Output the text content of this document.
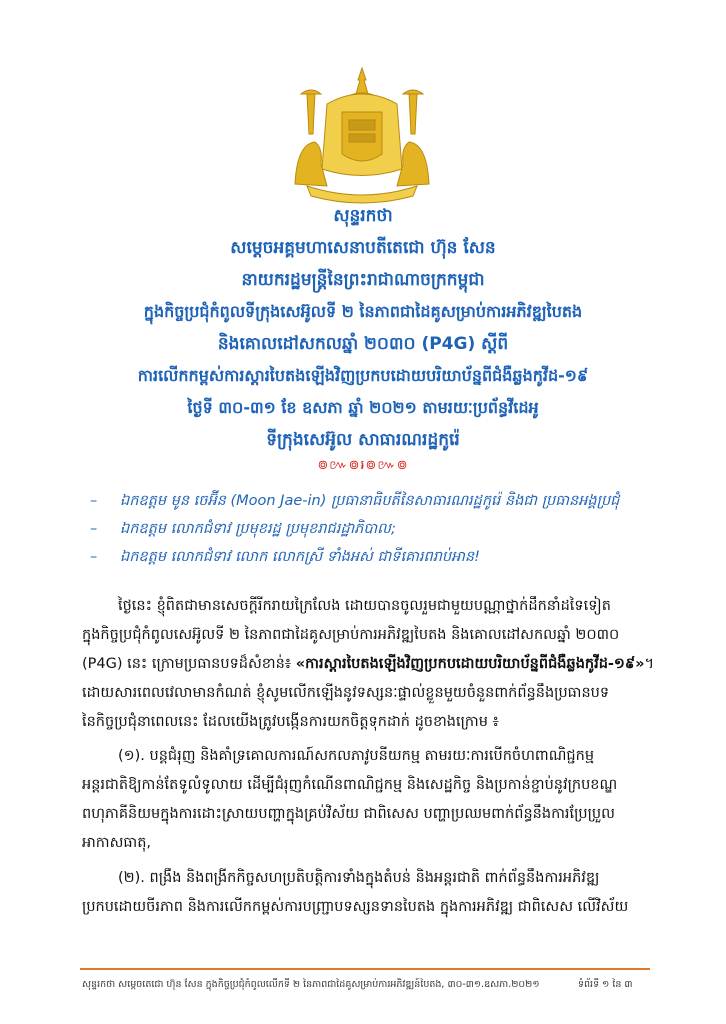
សុន្ទរកថា
សម្តេចអគ្គមហាសេនាបតីតេជោ ហ៊ុន សែន
នាយករដ្ឋមន្ត្រីនៃព្រះរាជាណាចក្រកម្ពុជា
ក្នុងកិច្ចប្រជុំកំពូលទីក្រុងសេអ៊ូលទី ២ នៃភាពជាដៃគូសម្រាប់ការអភិវឌ្ឍបៃតង
និងគោលដៅសកលឆ្នាំ ២០៣០ (P4G) ស្តីពី
ការលើកកម្ពស់ការស្តារបៃតងឡើងវិញប្រកបដោយបរិយាប័ន្នពីជំងឺឆ្លងកូវីដ-១៩
ថ្ងៃទី ៣០-៣១ ខែ ឧសភា ឆ្នាំ ២០២១ តាមរយៈប្រព័ន្ធវីដេអូ
ទីក្រុងសេអ៊ូល សាធារណរដ្ឋកូរ៉េ
៙៚៙៛៙៚៙
–	ឯកឧត្តម មូន ចេអ៊ីន (Moon Jae-in) ប្រធានាធិបតីនៃសាធារណរដ្ឋកូរ៉េ និងជា ប្រធានអង្គប្រជុំ
–	ឯកឧត្តម លោកជំទាវ ប្រមុខរដ្ឋ ប្រមុខរាជរដ្ឋាភិបាល;
–	ឯកឧត្តម លោកជំទាវ លោក លោកស្រី ទាំងអស់ ជាទីគោរពរាប់អាន!
ថ្ងៃនេះ ខ្ញុំពិតជាមានសេចក្តីរីករាយក្រៃលែង ដោយបានចូលរួមជាមួយបណ្ណាថ្នាក់ដឹកនាំដទៃទៀត
ក្នុងកិច្ចប្រជុំកំពូលសេអ៊ូលទី ២ នៃភាពជាដៃគូសម្រាប់ការអភិវឌ្ឍបៃតង និងគោលដៅសកលឆ្នាំ ២០៣០
(P4G) នេះ ក្រោមប្រធានបទដ៏សំខាន់៖ «ការស្តារបៃតងឡើងវិញប្រកបដោយបរិយាប័ន្នពីជំងឺឆ្លងកូវីដ-១៩»។
ដោយសារពេលវេលាមានកំណត់ ខ្ញុំសូមលើកឡើងនូវទស្សនៈផ្ទាល់ខ្លួនមួយចំនួនពាក់ព័ន្ធនឹងប្រធានបទ
នៃកិច្ចប្រជុំនាពេលនេះ ដែលយើងត្រូវបង្កើនការយកចិត្តទុកដាក់ ដូចខាងក្រោម ៖
(១). បន្តជំរុញ និងគាំទ្រគោលការណ៍សកលភាវូបនីយកម្ម តាមរយៈការបើកចំហពាណិជ្ជកម្ម
អន្តរជាតិឱ្យកាន់តែទូលំទូលាយ ដើម្បីជំរុញកំណើនពាណិជ្ជកម្ម និងសេដ្ឋកិច្ច និងប្រកាន់ខ្ជាប់នូវក្របខណ្ឌ
ពហុភាគីនិយមក្នុងការដោះស្រាយបញ្ហាក្នុងគ្រប់វិស័យ ជាពិសេស បញ្ហាប្រឈមពាក់ព័ន្ធនឹងការប្រែប្រួល
អាកាសធាតុ,
(២). ពង្រឹង និងពង្រីកកិច្ចសហប្រតិបត្តិការទាំងក្នុងតំបន់ និងអន្តរជាតិ ពាក់ព័ន្ធនឹងការអភិវឌ្ឍ
ប្រកបដោយចីរភាព និងការលើកកម្ពស់ការបញ្ជ្រាបទស្សនទានបៃតង ក្នុងការអភិវឌ្ឍ ជាពិសេស លើវិស័យ
សុន្ទរកថា សម្តេចតេជោ ហ៊ុន សែន ក្នុងកិច្ចប្រជុំកំពូលលើកទី ២ នៃភាពជាដៃគូសម្រាប់ការអភិវឌ្ឍន៍បៃតង, ៣០-៣១.ឧសភា.២០២១	ទំព័រទី ១ នៃ ៣
